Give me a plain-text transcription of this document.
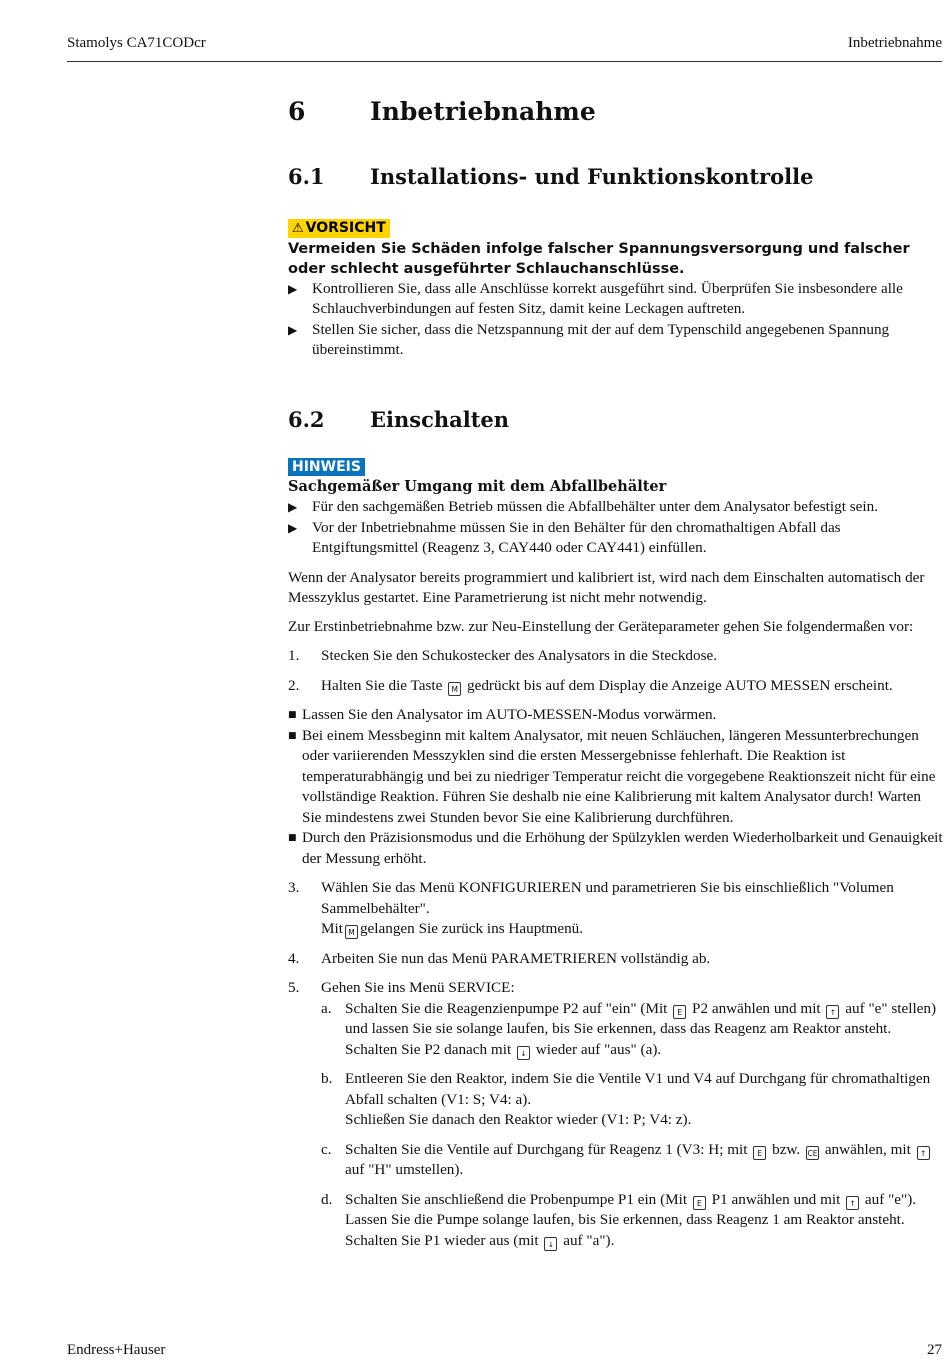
Stamolys CA71CODcr	Inbetriebnahme
6	Inbetriebnahme
6.1 Installations- und Funktionskontrolle
⚠ VORSICHT
Vermeiden Sie Schäden infolge falscher Spannungsversorgung und falscher oder schlecht ausgeführter Schlauchanschlüsse.
▶ Kontrollieren Sie, dass alle Anschlüsse korrekt ausgeführt sind. Überprüfen Sie insbesondere alle Schlauchverbindungen auf festen Sitz, damit keine Leckagen auftreten.
▶ Stellen Sie sicher, dass die Netzspannung mit der auf dem Typenschild angegebenen Spannung übereinstimmt.
6.2 Einschalten
HINWEIS
Sachgemäßer Umgang mit dem Abfallbehälter
▶ Für den sachgemäßen Betrieb müssen die Abfallbehälter unter dem Analysator befestigt sein.
▶ Vor der Inbetriebnahme müssen Sie in den Behälter für den chromathaltigen Abfall das Entgiftungsmittel (Reagenz 3, CAY440 oder CAY441) einfüllen.

Wenn der Analysator bereits programmiert und kalibriert ist, wird nach dem Einschalten automatisch der Messzyklus gestartet. Eine Parametrierung ist nicht mehr notwendig.

Zur Erstinbetriebnahme bzw. zur Neu-Einstellung der Geräteparameter gehen Sie folgendermaßen vor:

1. Stecken Sie den Schukostecker des Analysators in die Steckdose.
2. Halten Sie die Taste M gedrückt bis auf dem Display die Anzeige AUTO MESSEN erscheint.
■ Lassen Sie den Analysator im AUTO-MESSEN-Modus vorwärmen.
■ Bei einem Messbeginn mit kaltem Analysator, mit neuen Schläuchen, längeren Messunterbrechungen oder variierenden Messzyklen sind die ersten Messergebnisse fehlerhaft. Die Reaktion ist temperaturabhängig und bei zu niedriger Temperatur reicht die vorgegebene Reaktionszeit nicht für eine vollständige Reaktion. Führen Sie deshalb nie eine Kalibrierung mit kaltem Analysator durch! Warten Sie mindestens zwei Stunden bevor Sie eine Kalibrierung durchführen.
■ Durch den Präzisionsmodus und die Erhöhung der Spülzyklen werden Wiederholbarkeit und Genauigkeit der Messung erhöht.
3. Wählen Sie das Menü KONFIGURIEREN und parametrieren Sie bis einschließlich "Volumen Sammelbehälter".
Mit M gelangen Sie zurück ins Hauptmenü.
4. Arbeiten Sie nun das Menü PARAMETRIEREN vollständig ab.
5. Gehen Sie ins Menü SERVICE:
a. Schalten Sie die Reagenzienpumpe P2 auf "ein" (Mit E P2 anwählen und mit ↑ auf "e" stellen) und lassen Sie sie solange laufen, bis Sie erkennen, dass das Reagenz am Reaktor ansteht.
Schalten Sie P2 danach mit ↓ wieder auf "aus" (a).
b. Entleeren Sie den Reaktor, indem Sie die Ventile V1 und V4 auf Durchgang für chromathaltigen Abfall schalten (V1: S; V4: a).
Schließen Sie danach den Reaktor wieder (V1: P; V4: z).
c. Schalten Sie die Ventile auf Durchgang für Reagenz 1 (V3: H; mit E bzw. CE anwählen, mit ↑ auf "H" umstellen).
d. Schalten Sie anschließend die Probenpumpe P1 ein (Mit E P1 anwählen und mit ↑ auf "e"). Lassen Sie die Pumpe solange laufen, bis Sie erkennen, dass Reagenz 1 am Reaktor ansteht.
Schalten Sie P1 wieder aus (mit ↓ auf "a").
Endress+Hauser	27
